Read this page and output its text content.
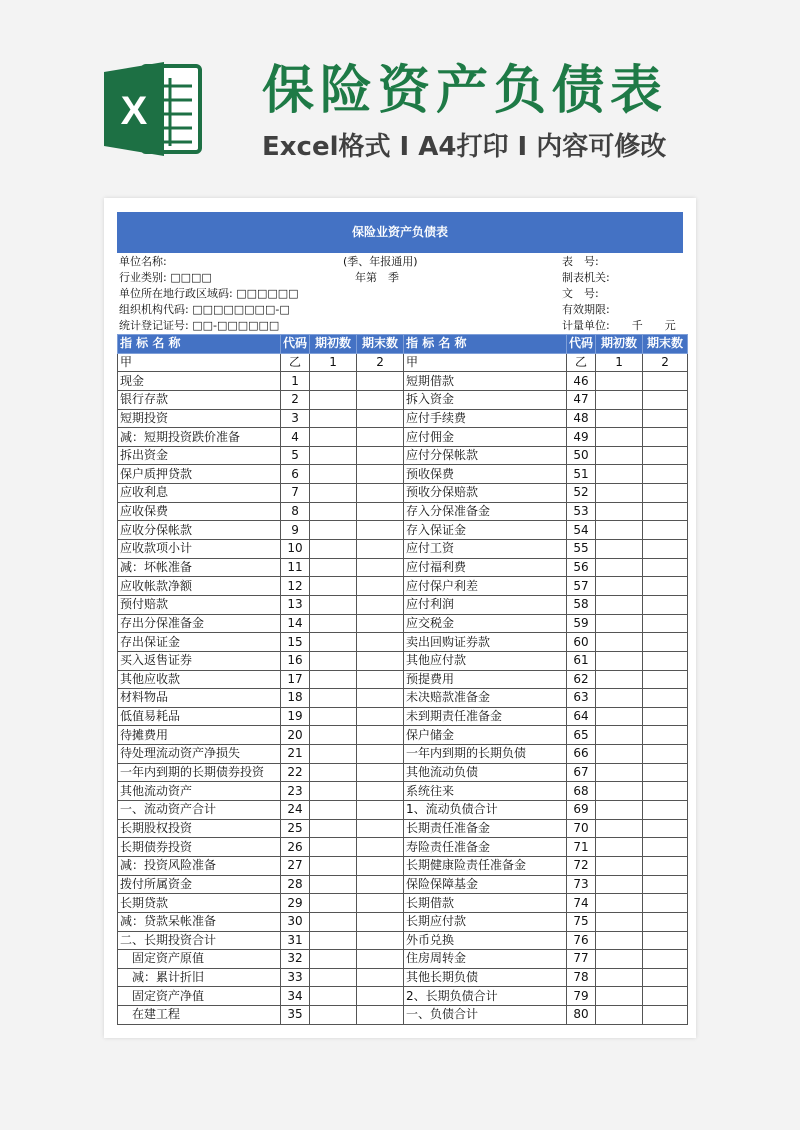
X 保险资产负债表
Excel格式 I A4打印 I 内容可修改
保险业资产负债表
单位名称:	(季、年报通用)	表　号:
行业类别: □□□□	年第　季	制表机关:
单位所在地行政区域码: □□□□□□	文　号:
组织机构代码: □□□□□□□□-□	有效期限:
统计登记证号: □□-□□□□□□	计量单位:　　千　　元
指 标 名 称	代码	期初数	期末数	指 标 名 称	代码	期初数	期末数
甲	乙	1	2	甲	乙	1	2
现金	1			短期借款	46		
银行存款	2			拆入资金	47		
短期投资	3			应付手续费	48		
减：短期投资跌价准备	4			应付佣金	49		
拆出资金	5			应付分保帐款	50		
保户质押贷款	6			预收保费	51		
应收利息	7			预收分保赔款	52		
应收保费	8			存入分保准备金	53		
应收分保帐款	9			存入保证金	54		
应收款项小计	10			应付工资	55		
减：坏帐准备	11			应付福利费	56		
应收帐款净额	12			应付保户利差	57		
预付赔款	13			应付利润	58		
存出分保准备金	14			应交税金	59		
存出保证金	15			卖出回购证券款	60		
买入返售证券	16			其他应付款	61		
其他应收款	17			预提费用	62		
材料物品	18			未决赔款准备金	63		
低值易耗品	19			未到期责任准备金	64		
待摊费用	20			保户储金	65		
待处理流动资产净损失	21			一年内到期的长期负债	66		
一年内到期的长期债券投资	22			其他流动负债	67		
其他流动资产	23			系统往来	68		
一、流动资产合计	24			1、流动负债合计	69		
长期股权投资	25			长期责任准备金	70		
长期债券投资	26			寿险责任准备金	71		
减：投资风险准备	27			长期健康险责任准备金	72		
拨付所属资金	28			保险保障基金	73		
长期贷款	29			长期借款	74		
减：贷款呆帐准备	30			长期应付款	75		
二、长期投资合计	31			外币兑换	76		
　固定资产原值	32			住房周转金	77		
　减：累计折旧	33			其他长期负债	78		
　固定资产净值	34			2、长期负债合计	79		
　在建工程	35			一、负债合计	80		
